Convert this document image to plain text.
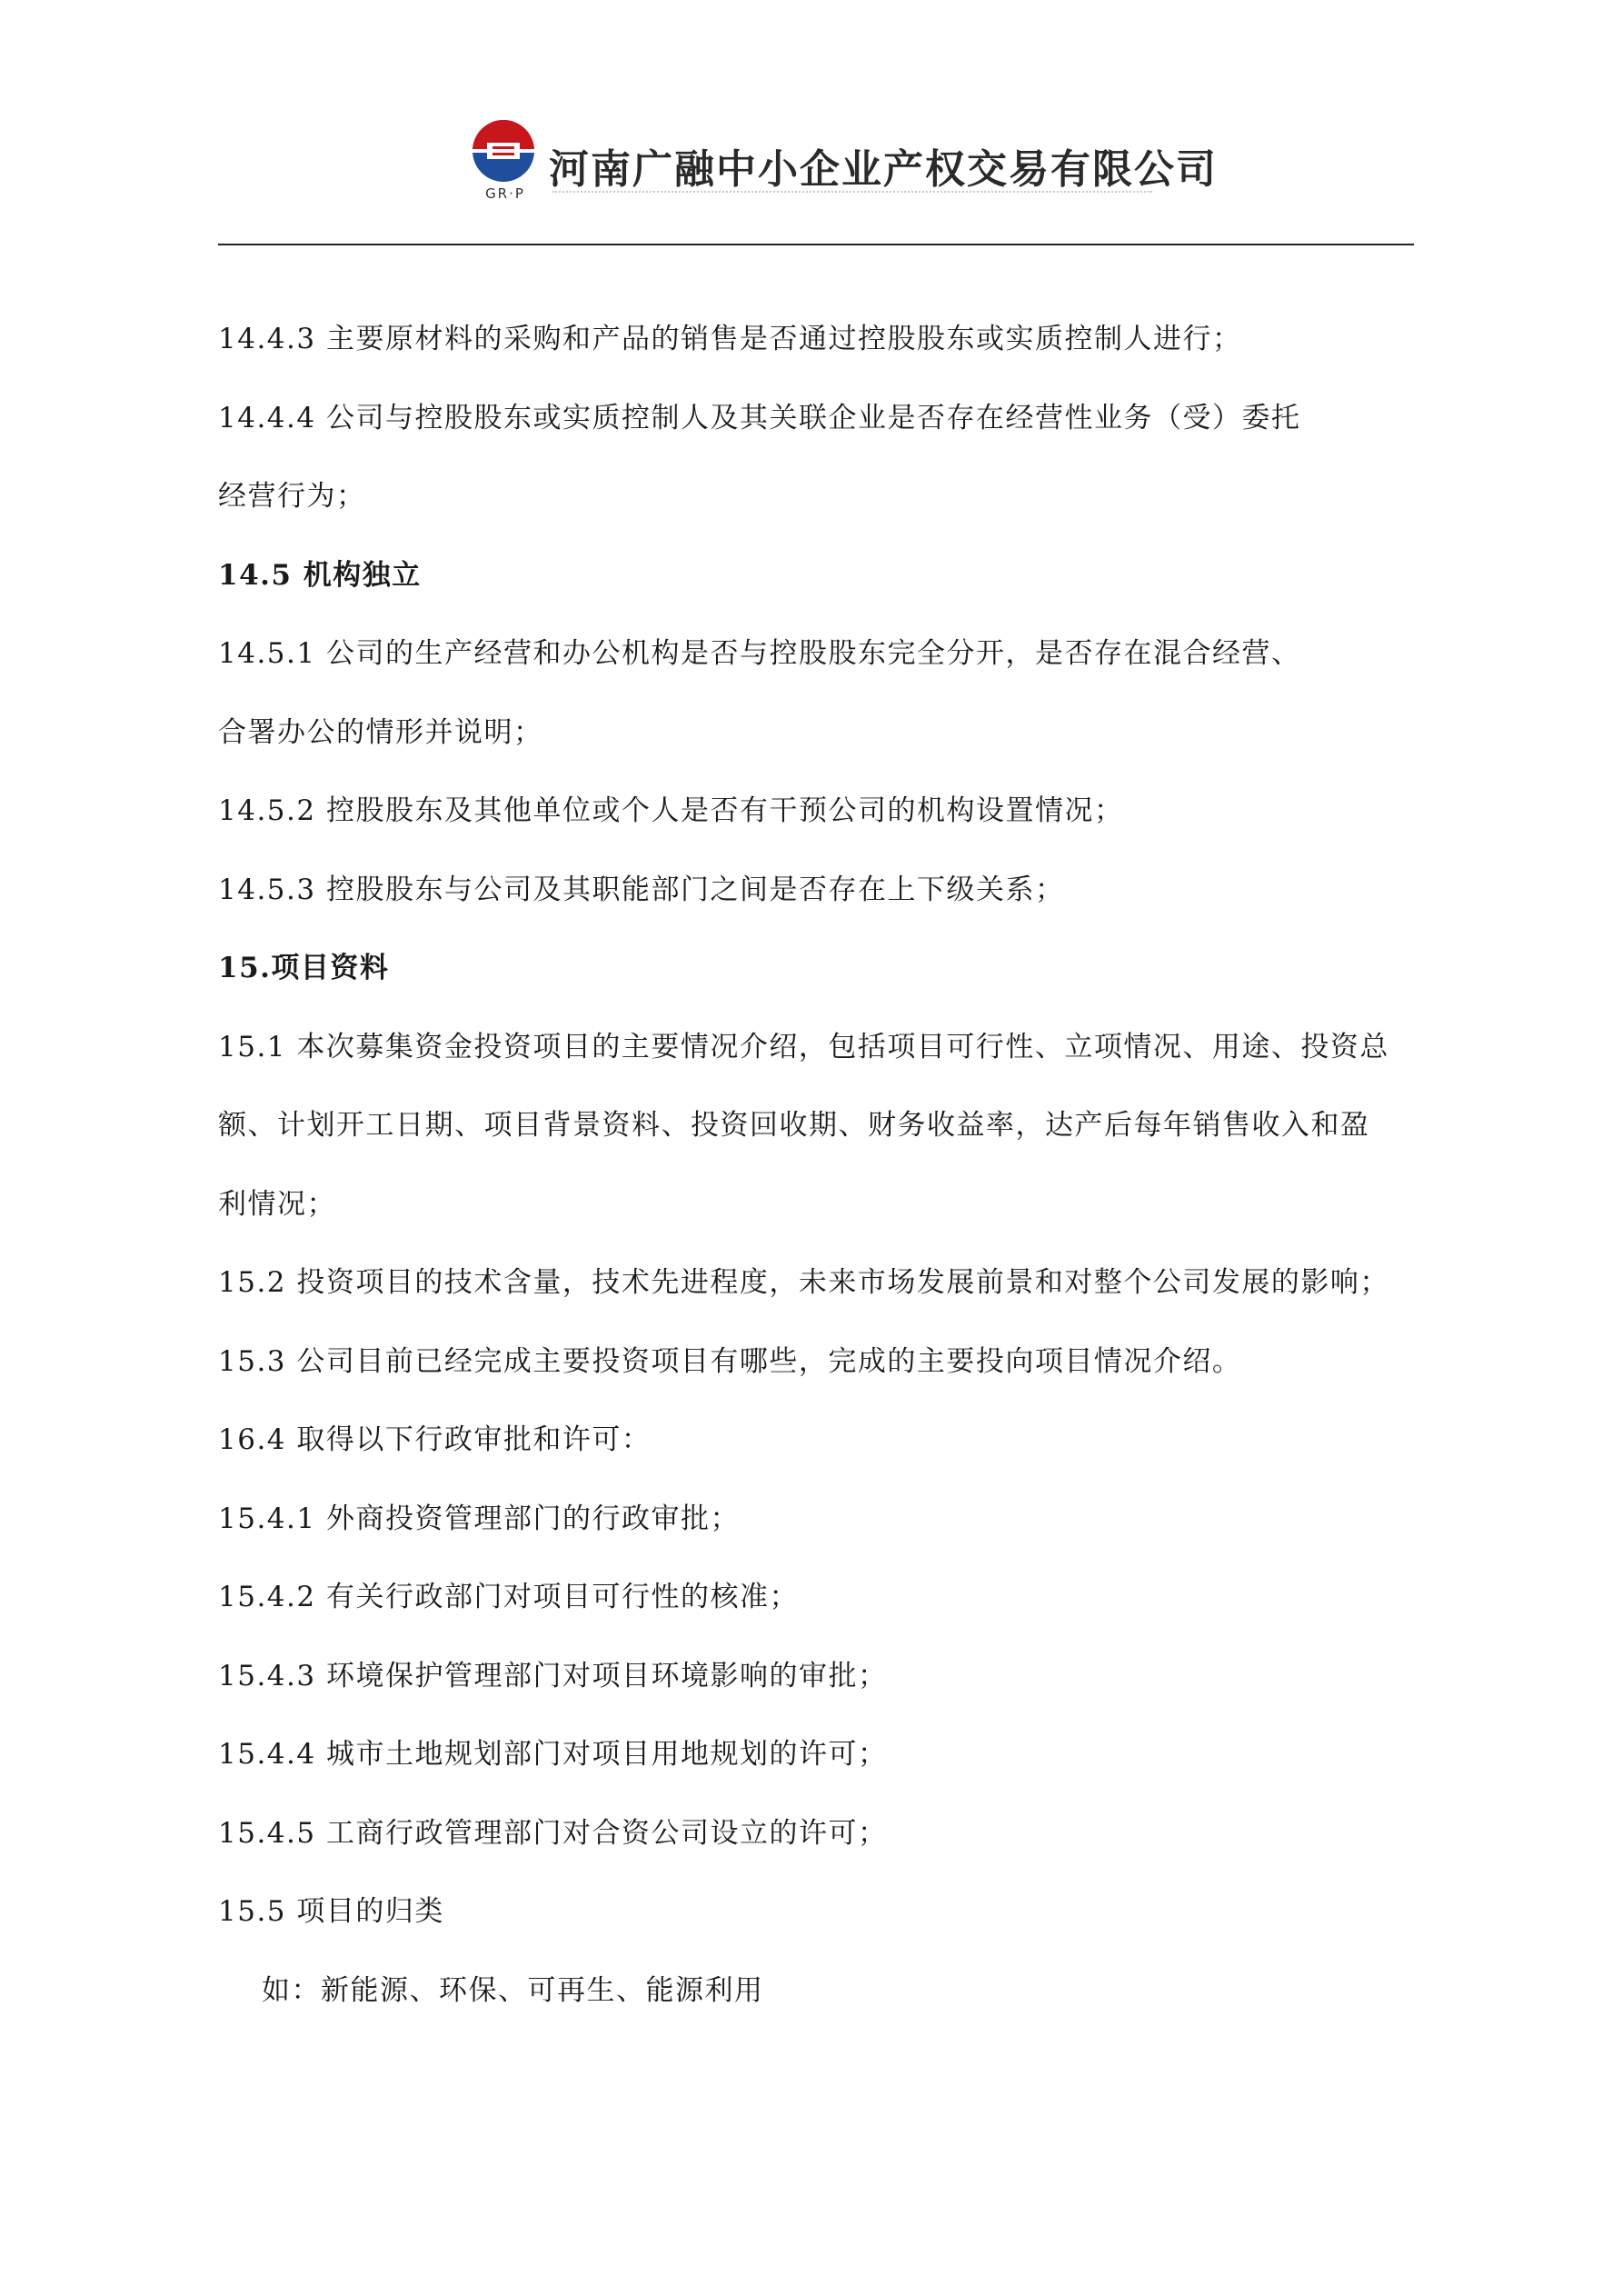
GR·P
河南广融中小企业产权交易有限公司
14.4.3 主要原材料的采购和产品的销售是否通过控股股东或实质控制人进行；
14.4.4 公司与控股股东或实质控制人及其关联企业是否存在经营性业务（受）委托
经营行为；
14.5 机构独立
14.5.1 公司的生产经营和办公机构是否与控股股东完全分开，是否存在混合经营、
合署办公的情形并说明；
14.5.2 控股股东及其他单位或个人是否有干预公司的机构设置情况；
14.5.3 控股股东与公司及其职能部门之间是否存在上下级关系；
15.项目资料
15.1 本次募集资金投资项目的主要情况介绍，包括项目可行性、立项情况、用途、投资总
额、计划开工日期、项目背景资料、投资回收期、财务收益率，达产后每年销售收入和盈
利情况；
15.2 投资项目的技术含量，技术先进程度，未来市场发展前景和对整个公司发展的影响；
15.3 公司目前已经完成主要投资项目有哪些，完成的主要投向项目情况介绍。
16.4 取得以下行政审批和许可：
15.4.1 外商投资管理部门的行政审批；
15.4.2 有关行政部门对项目可行性的核准；
15.4.3 环境保护管理部门对项目环境影响的审批；
15.4.4 城市土地规划部门对项目用地规划的许可；
15.4.5 工商行政管理部门对合资公司设立的许可；
15.5 项目的归类
如：新能源、环保、可再生、能源利用
